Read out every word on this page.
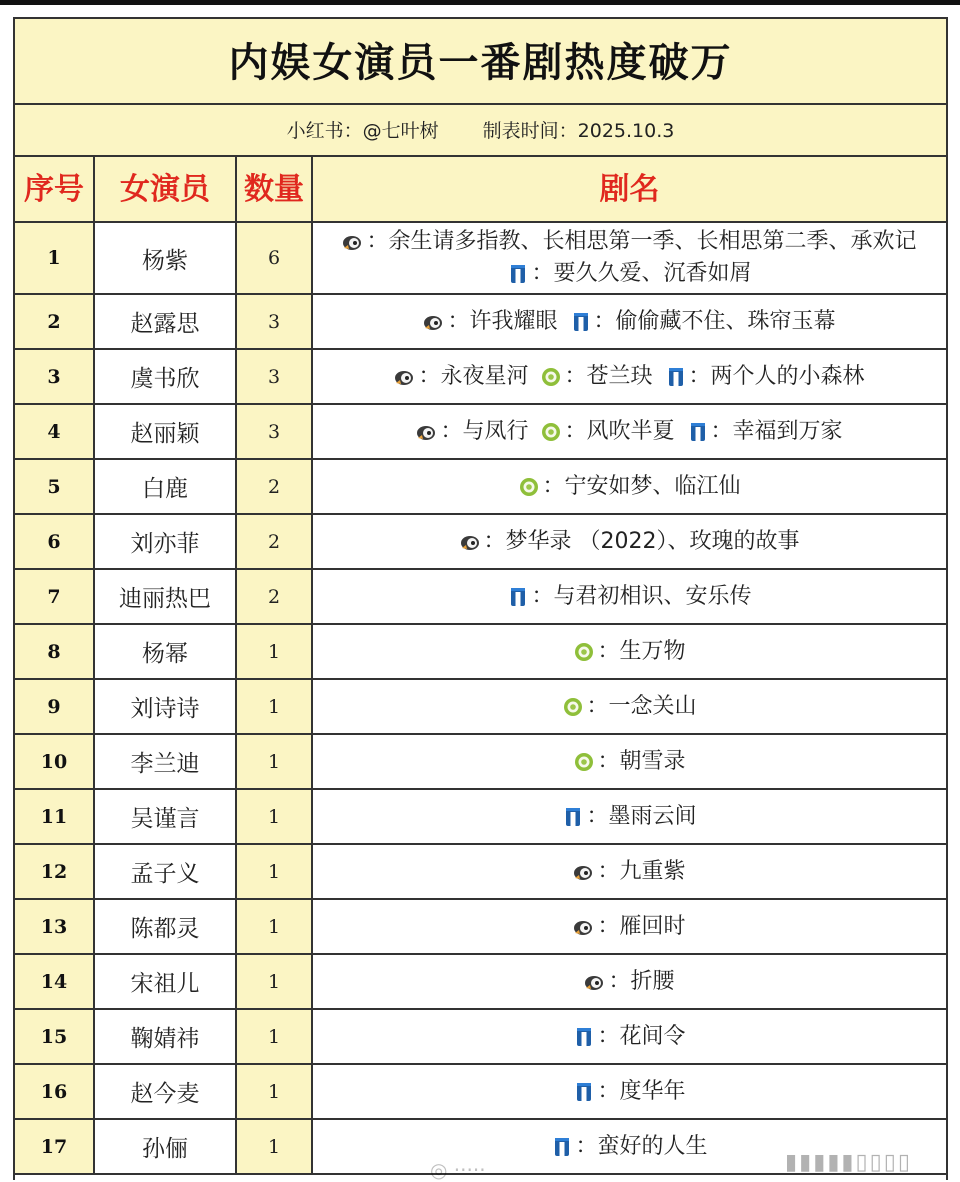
内娱女演员一番剧热度破万
小红书：@七叶树 制表时间：2025.10.3
序号	女演员	数量	剧名
1	杨紫	6
：余生请多指教、长相思第一季、长相思第二季、承欢记
：要久久爱、沉香如屑
2	赵露思	3	：许我耀眼 ：偷偷藏不住、珠帘玉幕
3	虞书欣	3	：永夜星河 ：苍兰玦 ：两个人的小森林
4	赵丽颖	3	：与凤行 ：风吹半夏 ：幸福到万家
5	白鹿	2	：宁安如梦、临江仙
6	刘亦菲	2	：梦华录 （2022）、玫瑰的故事
7	迪丽热巴	2	：与君初相识、安乐传
8	杨幂	1	：生万物
9	刘诗诗	1	：一念关山
10	李兰迪	1	：朝雪录
11	吴谨言	1	：墨雨云间
12	孟子义	1	：九重紫
13	陈都灵	1	：雁回时
14	宋祖儿	1	：折腰
15	鞠婧祎	1	：花间令
16	赵今麦	1	：度华年
17	孙俪	1	：蛮好的人生
◎ ·····	▮▮▮▮▮▯▯▯▯
